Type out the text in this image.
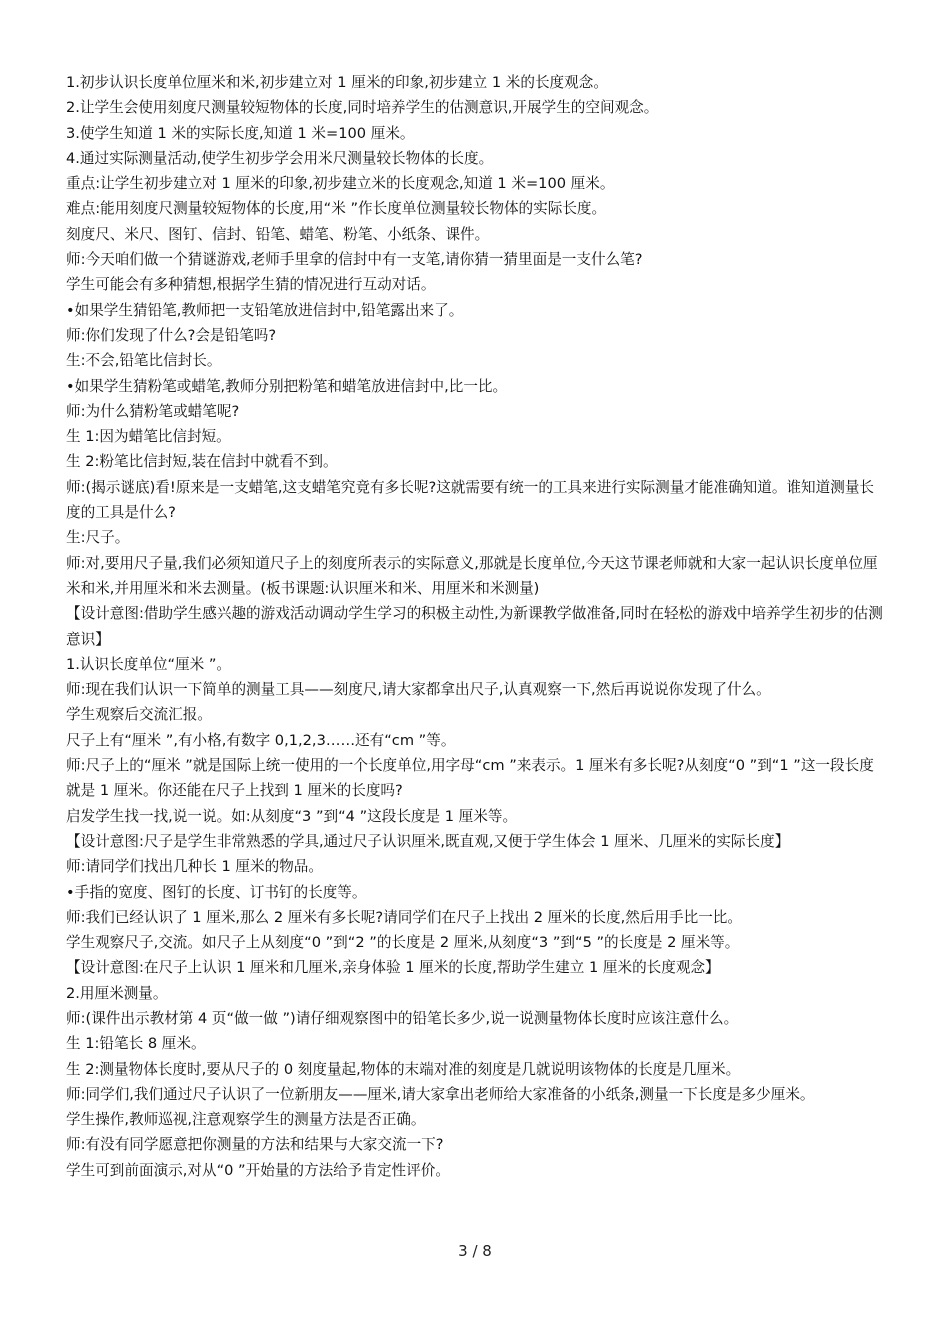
1.初步认识长度单位厘米和米,初步建立对 1 厘米的印象,初步建立 1 米的长度观念。

2.让学生会使用刻度尺测量较短物体的长度,同时培养学生的估测意识,开展学生的空间观念。

3.使学生知道 1 米的实际长度,知道 1 米=100 厘米。

4.通过实际测量活动,使学生初步学会用米尺测量较长物体的长度。

重点:让学生初步建立对 1 厘米的印象,初步建立米的长度观念,知道 1 米=100 厘米。

难点:能用刻度尺测量较短物体的长度,用“米 ”作长度单位测量较长物体的实际长度。

刻度尺、米尺、图钉、信封、铅笔、蜡笔、粉笔、小纸条、课件。

师:今天咱们做一个猜谜游戏,老师手里拿的信封中有一支笔,请你猜一猜里面是一支什么笔?

学生可能会有多种猜想,根据学生猜的情况进行互动对话。

•如果学生猜铅笔,教师把一支铅笔放进信封中,铅笔露出来了。

师:你们发现了什么?会是铅笔吗?

生:不会,铅笔比信封长。

•如果学生猜粉笔或蜡笔,教师分别把粉笔和蜡笔放进信封中,比一比。

师:为什么猜粉笔或蜡笔呢?

生 1:因为蜡笔比信封短。

生 2:粉笔比信封短,装在信封中就看不到。

师:(揭示谜底)看!原来是一支蜡笔,这支蜡笔究竟有多长呢?这就需要有统一的工具来进行实际测量才能准确知道。谁知道测量长度的工具是什么?

生:尺子。

师:对,要用尺子量,我们必须知道尺子上的刻度所表示的实际意义,那就是长度单位,今天这节课老师就和大家一起认识长度单位厘米和米,并用厘米和米去测量。(板书课题:认识厘米和米、用厘米和米测量)

【设计意图:借助学生感兴趣的游戏活动调动学生学习的积极主动性,为新课教学做准备,同时在轻松的游戏中培养学生初步的估测意识】

1.认识长度单位“厘米 ”。

师:现在我们认识一下简单的测量工具——刻度尺,请大家都拿出尺子,认真观察一下,然后再说说你发现了什么。

学生观察后交流汇报。

尺子上有“厘米 ”,有小格,有数字 0,1,2,3……还有“cm ”等。

师:尺子上的“厘米 ”就是国际上统一使用的一个长度单位,用字母“cm ”来表示。1 厘米有多长呢?从刻度“0 ”到“1 ”这一段长度就是 1 厘米。你还能在尺子上找到 1 厘米的长度吗?

启发学生找一找,说一说。如:从刻度“3 ”到“4 ”这段长度是 1 厘米等。

【设计意图:尺子是学生非常熟悉的学具,通过尺子认识厘米,既直观,又便于学生体会 1 厘米、几厘米的实际长度】

师:请同学们找出几种长 1 厘米的物品。

•手指的宽度、图钉的长度、订书钉的长度等。

师:我们已经认识了 1 厘米,那么 2 厘米有多长呢?请同学们在尺子上找出 2 厘米的长度,然后用手比一比。

学生观察尺子,交流。如尺子上从刻度“0 ”到“2 ”的长度是 2 厘米,从刻度“3 ”到“5 ”的长度是 2 厘米等。

【设计意图:在尺子上认识 1 厘米和几厘米,亲身体验 1 厘米的长度,帮助学生建立 1 厘米的长度观念】

2.用厘米测量。

师:(课件出示教材第 4 页“做一做 ”)请仔细观察图中的铅笔长多少,说一说测量物体长度时应该注意什么。

生 1:铅笔长 8 厘米。

生 2:测量物体长度时,要从尺子的 0 刻度量起,物体的末端对准的刻度是几就说明该物体的长度是几厘米。

师:同学们,我们通过尺子认识了一位新朋友——厘米,请大家拿出老师给大家准备的小纸条,测量一下长度是多少厘米。

学生操作,教师巡视,注意观察学生的测量方法是否正确。

师:有没有同学愿意把你测量的方法和结果与大家交流一下?

学生可到前面演示,对从“0 ”开始量的方法给予肯定性评价。

3 / 8
